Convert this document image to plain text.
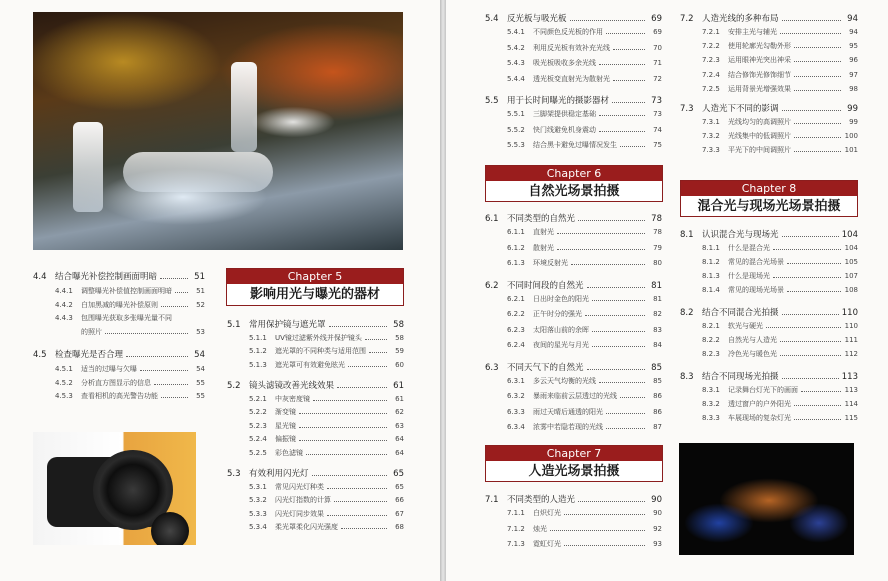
4.4 结合曝光补偿控制画面明暗	51
4.4.1	调整曝光补偿值控制画面明暗	51
4.4.2	白加黑减的曝光补偿原则	52
4.4.3	包围曝光获取多张曝光量不同
的照片	53
4.5 检查曝光是否合理	54
4.5.1	适当的过曝与欠曝	54
4.5.2	分析直方图显示的信息	55
4.5.3	查看相机的高光警告功能	55
Chapter 5
影响用光与曝光的器材
5.1 常用保护镜与遮光罩	58
5.1.1	UV镜过滤紫外线并保护镜头	58
5.1.2	遮光罩的不同种类与适用范围	59
5.1.3	遮光罩可有效避免眩光	60
5.2 镜头滤镜改善光线效果	61
5.2.1	中灰密度镜	61
5.2.2	渐变镜	62
5.2.3	星光镜	63
5.2.4	偏振镜	64
5.2.5	彩色滤镜	64
5.3 有效利用闪光灯	65
5.3.1	常见闪光灯种类	65
5.3.2	闪光灯指数的计算	66
5.3.3	闪光灯同步效果	67
5.3.4	柔光罩柔化闪光强度	68
5.4 反光板与吸光板	69
5.4.1	不同颜色反光板的作用	69
5.4.2	利用反光板有效补充光线	70
5.4.3	吸光板吸收多余光线	71
5.4.4	透光板变直射光为散射光	72
5.5 用于长时间曝光的摄影器材	73
5.5.1	三脚架提供稳定基础	73
5.5.2	快门线避免机身震动	74
5.5.3	结合黑卡避免过曝情况发生	75
Chapter 6
自然光场景拍摄
6.1 不同类型的自然光	78
6.1.1	直射光	78
6.1.2	散射光	79
6.1.3	环境反射光	80
6.2 不同时间段的自然光	81
6.2.1	日出时金色的阳光	81
6.2.2	正午时分的强光	82
6.2.3	太阳落山前的余晖	83
6.2.4	夜间的星光与月光	84
6.3 不同天气下的自然光	85
6.3.1	多云天气均衡的光线	85
6.3.2	暴雨来临前云层透过的光线	86
6.3.3	雨过天晴后通透的阳光	86
6.3.4	浓雾中若隐若现的光线	87
Chapter 7
人造光场景拍摄
7.1 不同类型的人造光	90
7.1.1	白炽灯光	90
7.1.2	烛光	92
7.1.3	霓虹灯光	93
7.2 人造光线的多种布局	94
7.2.1	安排主光与辅光	94
7.2.2	使用轮廓光勾勒外形	95
7.2.3	运用眼神光突出神采	96
7.2.4	结合修饰光修饰细节	97
7.2.5	运用背景光增强效果	98
7.3 人造光下不同的影调	99
7.3.1	光线均匀的高调照片	99
7.3.2	光线集中的低调照片	100
7.3.3	平光下的中间调照片	101
Chapter 8
混合光与现场光场景拍摄
8.1 认识混合光与现场光	104
8.1.1	什么是混合光	104
8.1.2	常见的混合光场景	105
8.1.3	什么是现场光	107
8.1.4	常见的现场光场景	108
8.2 结合不同混合光拍摄	110
8.2.1	软光与硬光	110
8.2.2	自然光与人造光	111
8.2.3	冷色光与暖色光	112
8.3 结合不同现场光拍摄	113
8.3.1	记录舞台灯光下的画面	113
8.3.2	透过窗户的户外阳光	114
8.3.3	车展现场的复杂灯光	115
